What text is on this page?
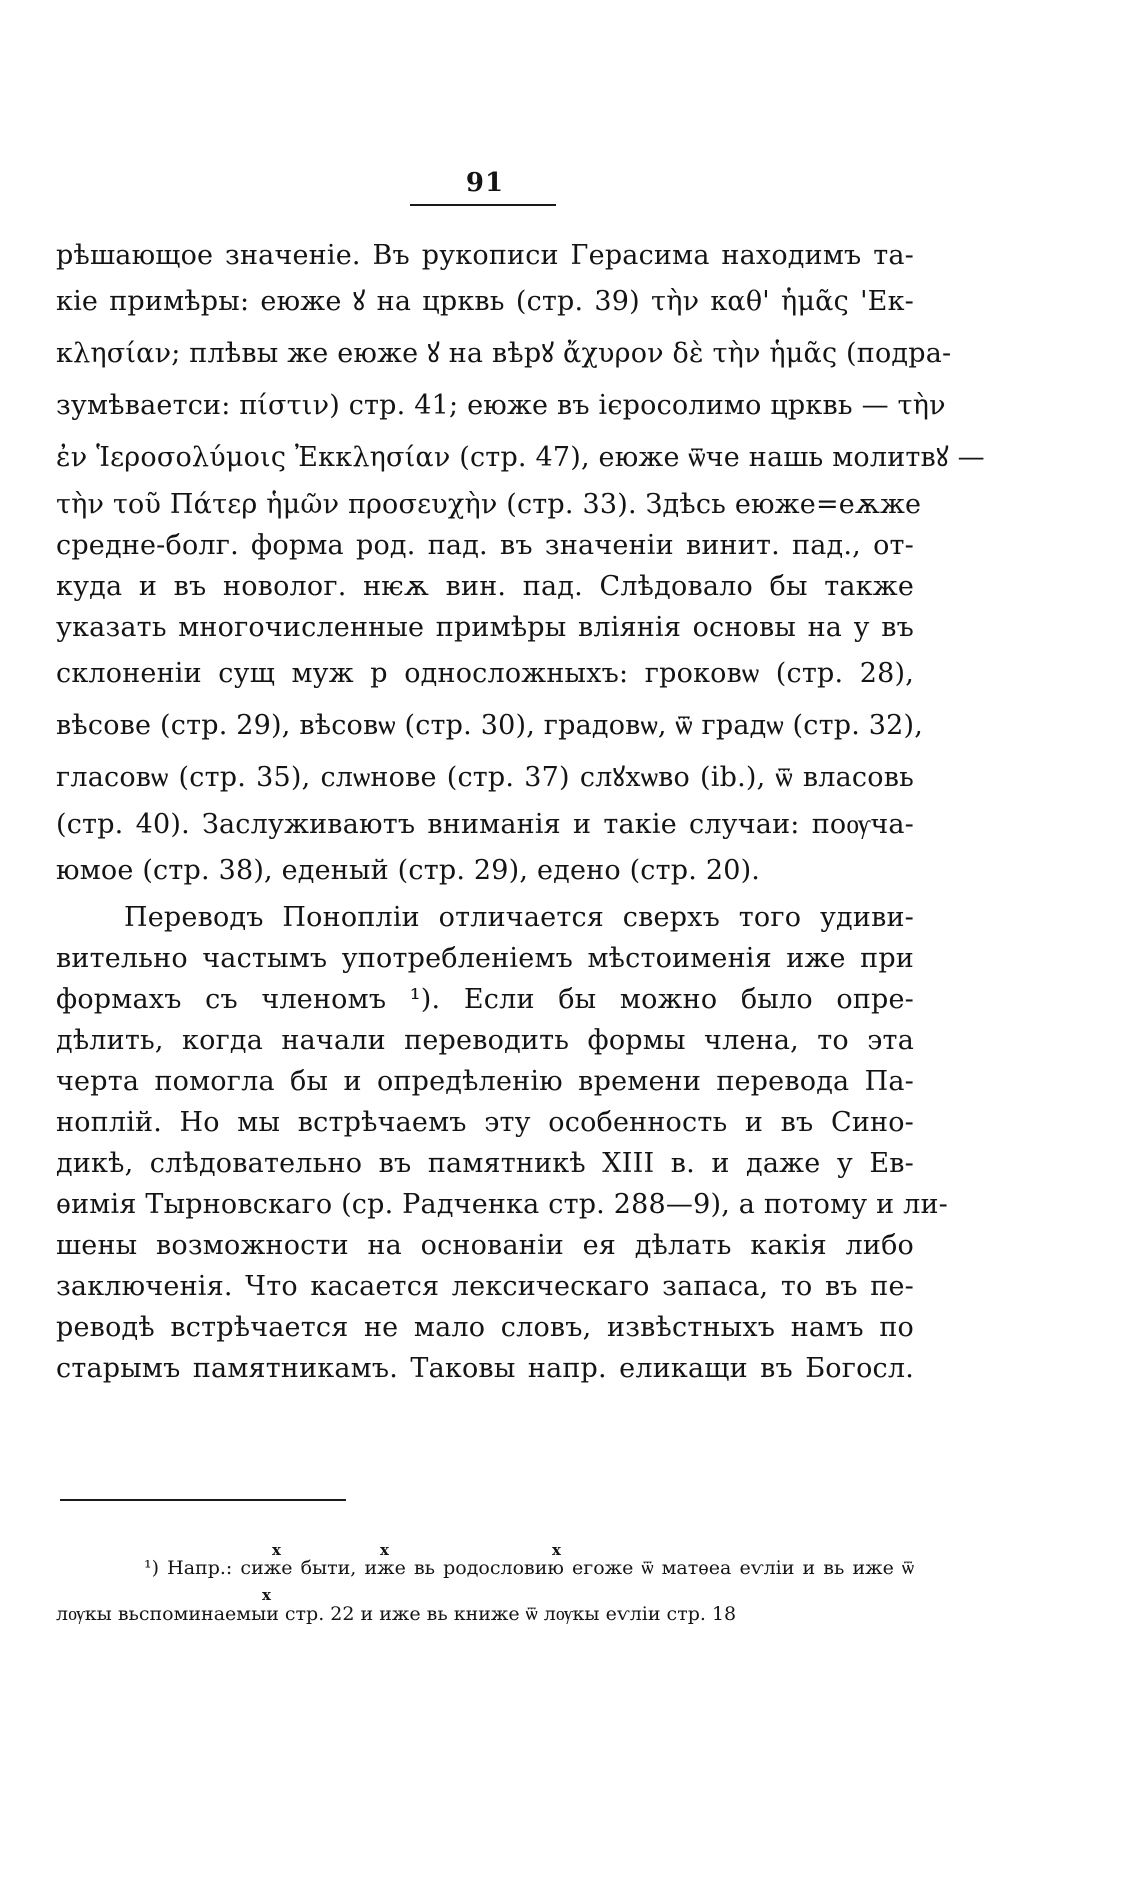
91
рѣшающое значеніе. Въ рукописи Герасима находимъ та-
кіе примѣры: еюже ꙋ на црквь (стр. 39) τὴν καθ' ἡμᾶς 'Εκ-
κλησίαν; плѣвы же еюже ꙋ на вѣрꙋ ἄχυρον δὲ τὴν ἡμᾶς (подра-
зумѣваетси: πίστιν) стр. 41; еюже въ ієросолимо црквь — τὴν
ἐν Ἱεροσολύμοις Ἐκκλησίαν (стр. 47), еюже ѿче нашь молитвꙋ —
τὴν τοῦ Πάτερ ἡμῶν προσευχὴν (стр. 33). Здѣсь еюже=еѫже
средне-болг. форма род. пад. въ значеніи винит. пад., от-
куда и въ новолог. нѥѫ вин. пад. Слѣдовало бы также
указать многочисленные примѣры вліянія основы на у въ
склоненіи сущ муж р односложныхъ: гроковѡ (стр. 28),
вѣсове (стр. 29), вѣсовѡ (стр. 30), градовѡ, ѿ градѡ (стр. 32),
гласовѡ (стр. 35), слѡнове (стр. 37) слꙋхѡво (ib.), ѿ власовь
(стр. 40). Заслуживаютъ вниманія и такіе случаи: поѹча-
юмое (стр. 38), еденый (стр. 29), едено (стр. 20).
Переводъ Понопліи отличается сверхъ того удиви-
вительно частымъ употребленіемъ мѣстоименія иже при
формахъ съ членомъ ¹). Если бы можно было опре-
дѣлить, когда начали переводить формы члена, то эта
черта помогла бы и опредѣленію времени перевода Па-
ноплій. Но мы встрѣчаемъ эту особенность и въ Сино-
дикѣ, слѣдовательно въ памятникѣ XIII в. и даже у Ев-
ѳимія Тырновскаго (ср. Радченка стр. 288—9), а потому и ли-
шены возможности на основаніи ея дѣлать какія либо
заключенія. Что касается лексическаго запаса, то въ пе-
реводѣ встрѣчается не мало словъ, извѣстныхъ намъ по
старымъ памятникамъ. Таковы напр. еликащи въ Богосл.
x	x	x
¹) Напр.: сиже быти, иже вь родословию егоже ѿ матѳеа еѵліи и вь иже ѿ
x
лѹкы вьспоминаемыи стр. 22 и иже вь книже ѿ лѹкы еѵліи стр. 18
